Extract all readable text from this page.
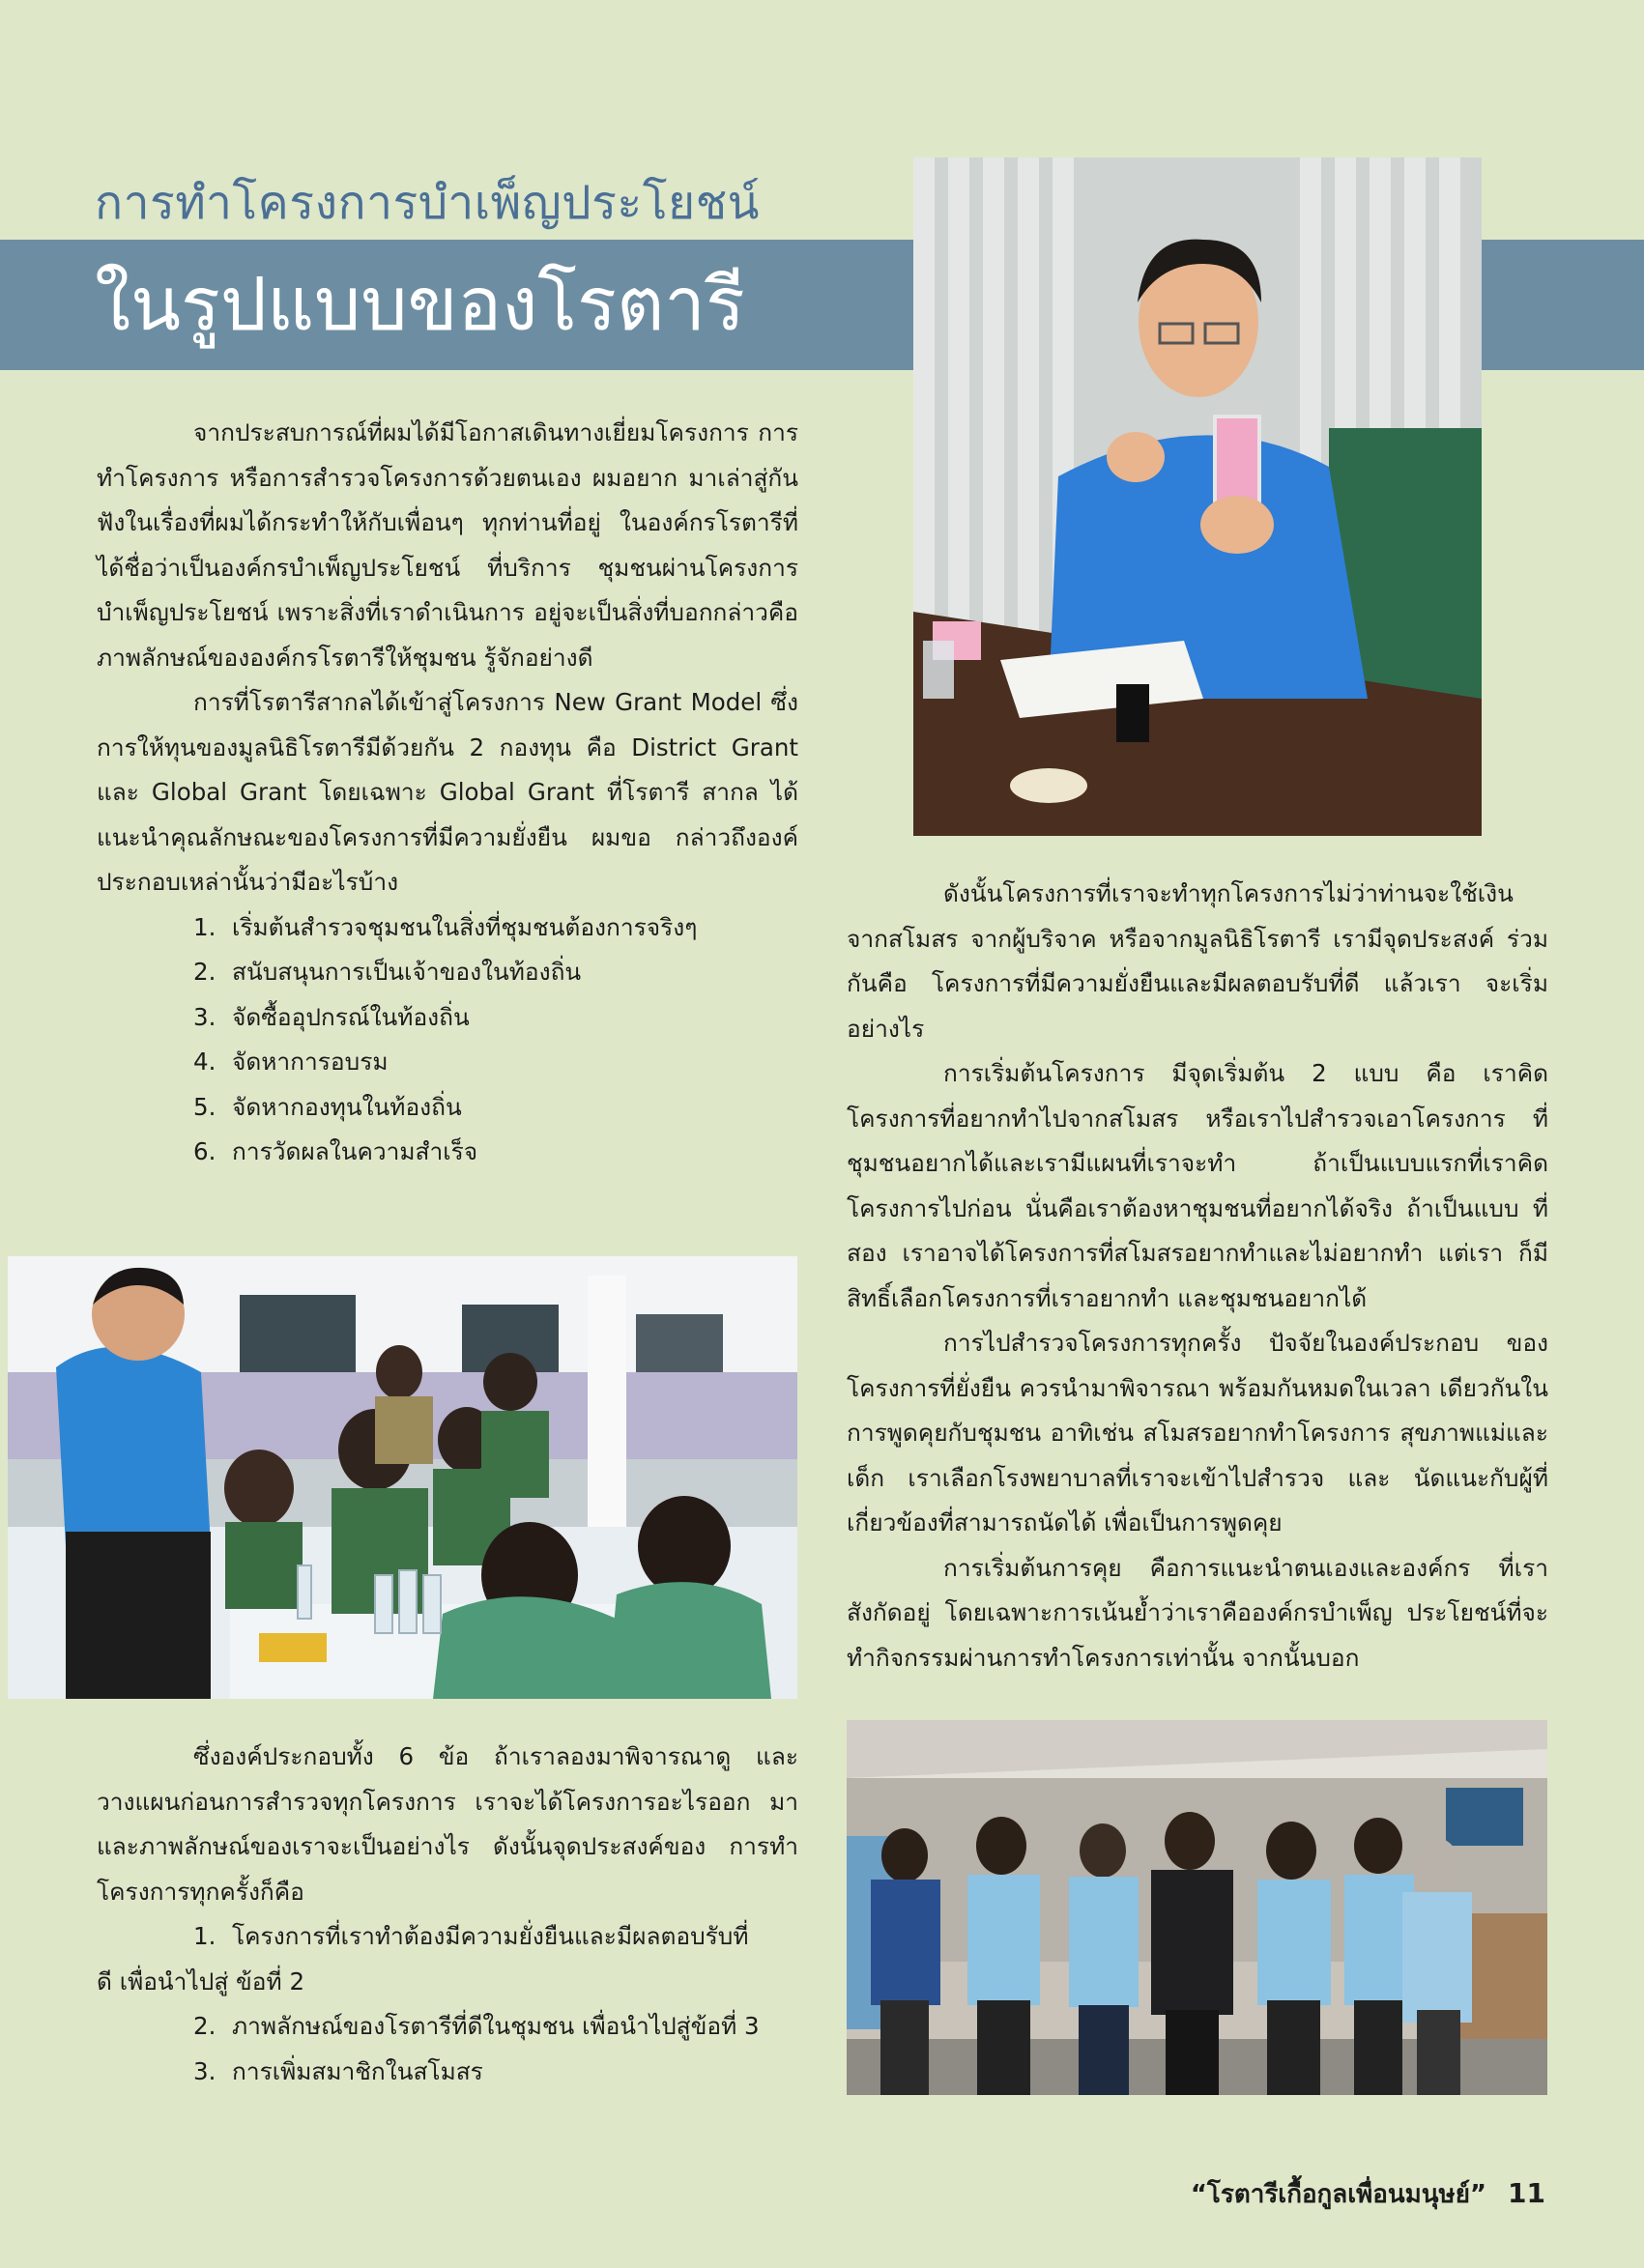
การทำโครงการบำเพ็ญประโยชน์
ในรูปแบบของโรตารี

จากประสบการณ์ที่ผมได้มีโอกาสเดินทางเยี่ยมโครงการ การทำโครงการ หรือการสำรวจโครงการด้วยตนเอง ผมอยาก มาเล่าสู่กันฟังในเรื่องที่ผมได้กระทำให้กับเพื่อนๆ ทุกท่านที่อยู่ ในองค์กรโรตารีที่ได้ชื่อว่าเป็นองค์กรบำเพ็ญประโยชน์ ที่บริการ ชุมชนผ่านโครงการบำเพ็ญประโยชน์ เพราะสิ่งที่เราดำเนินการ อยู่จะเป็นสิ่งที่บอกกล่าวคือภาพลักษณ์ขององค์กรโรตารีให้ชุมชน รู้จักอย่างดี

การที่โรตารีสากลได้เข้าสู่โครงการ New Grant Model ซึ่งการให้ทุนของมูลนิธิโรตารีมีด้วยกัน 2 กองทุน คือ District Grant และ Global Grant โดยเฉพาะ Global Grant ที่โรตารี สากล ได้แนะนำคุณลักษณะของโครงการที่มีความยั่งยืน ผมขอ กล่าวถึงองค์ประกอบเหล่านั้นว่ามีอะไรบ้าง

1. เริ่มต้นสำรวจชุมชนในสิ่งที่ชุมชนต้องการจริงๆ
2. สนับสนุนการเป็นเจ้าของในท้องถิ่น
3. จัดซื้ออุปกรณ์ในท้องถิ่น
4. จัดหาการอบรม
5. จัดหากองทุนในท้องถิ่น
6. การวัดผลในความสำเร็จ

ซึ่งองค์ประกอบทั้ง 6 ข้อ ถ้าเราลองมาพิจารณาดู และ วางแผนก่อนการสำรวจทุกโครงการ เราจะได้โครงการอะไรออก มา และภาพลักษณ์ของเราจะเป็นอย่างไร ดังนั้นจุดประสงค์ของ การทำโครงการทุกครั้งก็คือ

1. โครงการที่เราทำต้องมีความยั่งยืนและมีผลตอบรับที่
ดี เพื่อนำไปสู่ ข้อที่ 2
2. ภาพลักษณ์ของโรตารีที่ดีในชุมชน เพื่อนำไปสู่ข้อที่ 3
3. การเพิ่มสมาชิกในสโมสร

ดังนั้นโครงการที่เราจะทำทุกโครงการไม่ว่าท่านจะใช้เงิน จากสโมสร จากผู้บริจาค หรือจากมูลนิธิโรตารี เรามีจุดประสงค์ ร่วมกันคือ โครงการที่มีความยั่งยืนและมีผลตอบรับที่ดี แล้วเรา จะเริ่มอย่างไร

การเริ่มต้นโครงการ มีจุดเริ่มต้น 2 แบบ คือ เราคิด โครงการที่อยากทำไปจากสโมสร หรือเราไปสำรวจเอาโครงการ ที่ชุมชนอยากได้และเรามีแผนที่เราจะทำ ถ้าเป็นแบบแรกที่เราคิด โครงการไปก่อน นั่นคือเราต้องหาชุมชนที่อยากได้จริง ถ้าเป็นแบบ ที่สอง เราอาจได้โครงการที่สโมสรอยากทำและไม่อยากทำ แต่เรา ก็มีสิทธิ์เลือกโครงการที่เราอยากทำ และชุมชนอยากได้

การไปสำรวจโครงการทุกครั้ง ปัจจัยในองค์ประกอบ ของโครงการที่ยั่งยืน ควรนำมาพิจารณา พร้อมกันหมดในเวลา เดียวกันในการพูดคุยกับชุมชน อาทิเช่น สโมสรอยากทำโครงการ สุขภาพแม่และเด็ก เราเลือกโรงพยาบาลที่เราจะเข้าไปสำรวจ และ นัดแนะกับผู้ที่เกี่ยวข้องที่สามารถนัดได้ เพื่อเป็นการพูดคุย

การเริ่มต้นการคุย คือการแนะนำตนเองและองค์กร ที่เราสังกัดอยู่ โดยเฉพาะการเน้นย้ำว่าเราคือองค์กรบำเพ็ญ ประโยชน์ที่จะทำกิจกรรมผ่านการทำโครงการเท่านั้น จากนั้นบอก

“โรตารีเกื้อกูลเพื่อนมนุษย์” 11
